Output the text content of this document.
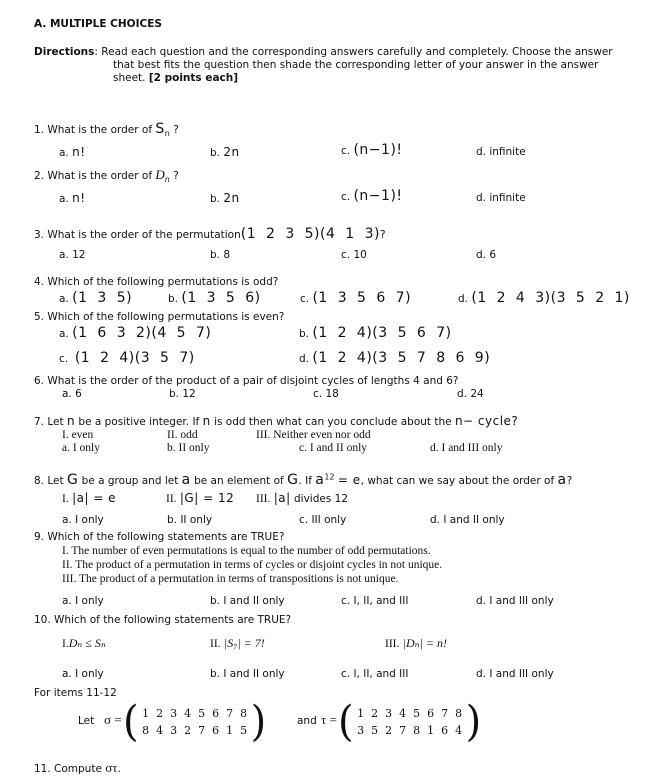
A. MULTIPLE CHOICES
Directions: Read each question and the corresponding answers carefully and completely. Choose the answer
that best fits the question then shade the corresponding letter of your answer in the answer
sheet. [2 points each]
1. What is the order of $S_n$ ?
a. n!	b. 2n	c. (n−1)!	d. infinite
2. What is the order of $D_n$ ?
a. n!	b. 2n	c. (n−1)!	d. infinite
3. What is the order of the permutation(1  2  3  5)(4  1  3)?
a. 12	b. 8	c. 10	d. 6
4. Which of the following permutations is odd?
a. (1  3  5)	b. (1  3  5  6)	c. (1  3  5  6  7)	d. (1  2  4  3)(3  5  2  1)
5. Which of the following permutations is even?
a. (1  6  3  2)(4  5  7)	b. (1  2  4)(3  5  6  7)
c. (1  2  4)(3  5  7)	d. (1  2  4)(3  5  7  8  6  9)
6. What is the order of the product of a pair of disjoint cycles of lengths 4 and 6?
a. 6	b. 12	c. 18	d. 24
7. Let n be a positive integer. If n is odd then what can you conclude about the n− cycle?
I. even	II. odd	III. Neither even nor odd
a. I only	b. II only	c. I and II only	d. I and III only
8. Let G be a group and let a be an element of G. If $a^{12} = e$, what can we say about the order of a?
I. |a| = e	II. |G| = 12 III. |a| divides 12
a. I only	b. II only	c. III only	d. I and II only
9. Which of the following statements are TRUE?
I. The number of even permutations is equal to the number of odd permutations.
II. The product of a permutation in terms of cycles or disjoint cycles in not unique.
III. The product of a permutation in terms of transpositions is not unique.
a. I only	b. I and II only	c. I, II, and III	d. I and III only
10. Which of the following statements are TRUE?
I.Dₙ ≤ Sₙ	II. |S₇| = 7!	III. |Dₙ| = n!
a. I only	b. I and II only	c. I, II, and III	d. I and III only
For items 11-12
Let σ = ( 1 2 3 4 5 6 7 8
8 4 3 2 7 6 1 5 )	and τ = ( 1 2 3 4 5 6 7 8
3 5 2 7 8 1 6 4 )
11. Compute στ.
